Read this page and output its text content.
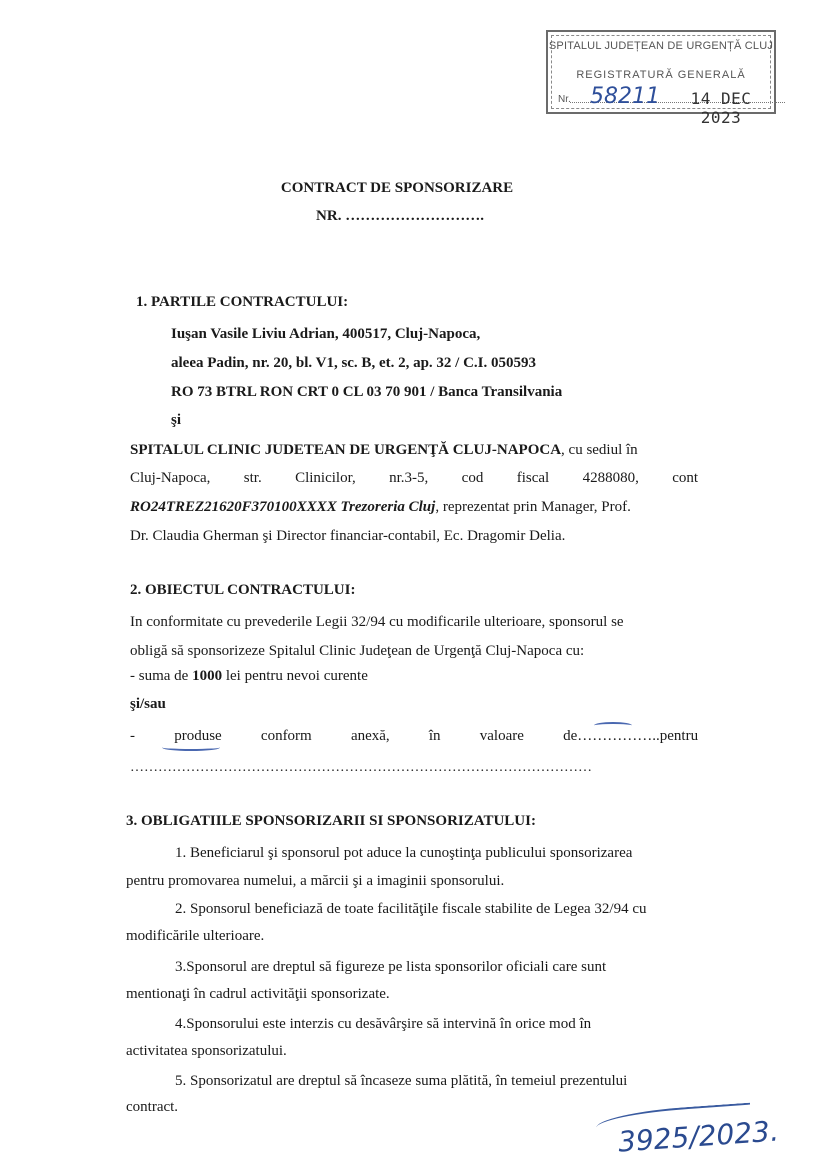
SPITALUL JUDEȚEAN DE URGENȚĂ CLUJ
REGISTRATURĂ GENERALĂ
Nr. 58211	14 DEC 2023
CONTRACT DE SPONSORIZARE
NR. ……………………….
1. PARTILE CONTRACTULUI:
Iuşan Vasile Liviu Adrian, 400517, Cluj-Napoca,
aleea Padin, nr. 20, bl. V1, sc. B, et. 2, ap. 32 / C.I. 050593
RO 73 BTRL RON CRT 0 CL 03 70 901 / Banca Transilvania
şi
SPITALUL CLINIC JUDETEAN DE URGENŢĂ CLUJ-NAPOCA, cu sediul în
Cluj-Napoca, str. Clinicilor, nr.3-5, cod fiscal 4288080, cont
RO24TREZ21620F370100XXXX Trezoreria Cluj, reprezentat prin Manager, Prof.
Dr. Claudia Gherman şi Director financiar-contabil, Ec. Dragomir Delia.
2. OBIECTUL CONTRACTULUI:
In conformitate cu prevederile Legii 32/94 cu modificarile ulterioare, sponsorul se
obligă să sponsorizeze Spitalul Clinic Judeţean de Urgenţă Cluj-Napoca cu:
- suma de 1000 lei pentru nevoi curente
şi/sau
-	produse	conform	anexă,	în	valoare	de……………..pentru
………………………………………………………………………………………
3. OBLIGATIILE SPONSORIZARII SI SPONSORIZATULUI:
1. Beneficiarul şi sponsorul pot aduce la cunoştinţa publicului sponsorizarea
pentru promovarea numelui, a mărcii şi a imaginii sponsorului.
2. Sponsorul beneficiază de toate facilităţile fiscale stabilite de Legea 32/94 cu
modificările ulterioare.
3.Sponsorul are dreptul să figureze pe lista sponsorilor oficiali care sunt
mentionaţi în cadrul activităţii sponsorizate.
4.Sponsorului este interzis cu desăvârşire să intervină în orice mod în
activitatea sponsorizatului.
5. Sponsorizatul are dreptul să încaseze suma plătită, în temeiul prezentului
contract.
3925/2023.
